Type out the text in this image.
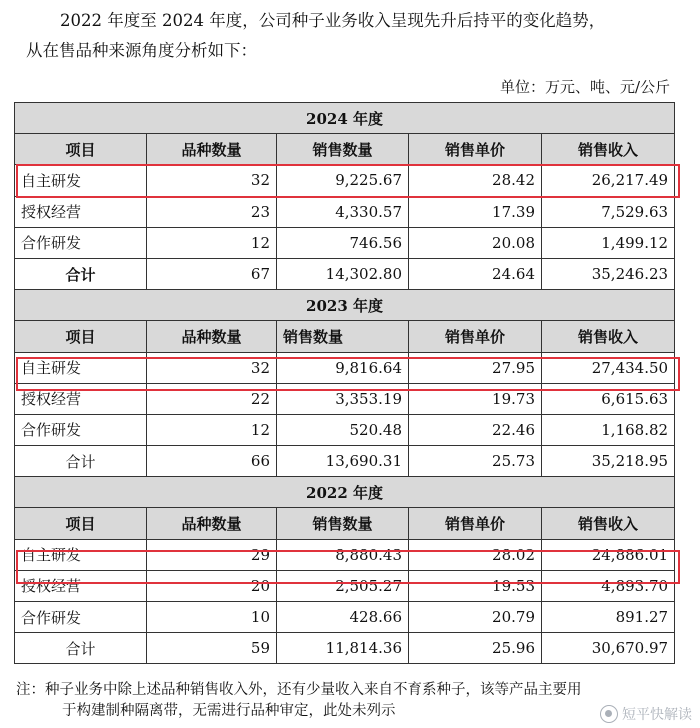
2022 年度至 2024 年度，公司种子业务收入呈现先升后持平的变化趋势，
从在售品种来源角度分析如下：
单位：万元、吨、元/公斤
2024 年度				
项目	品种数量	销售数量	销售单价	销售收入
自主研发	32	9,225.67	28.42	26,217.49
授权经营	23	4,330.57	17.39	7,529.63
合作研发	12	746.56	20.08	1,499.12
合计	67	14,302.80	24.64	35,246.23
2023 年度				
项目	品种数量	销售数量	销售单价	销售收入
自主研发	32	9,816.64	27.95	27,434.50
授权经营	22	3,353.19	19.73	6,615.63
合作研发	12	520.48	22.46	1,168.82
合计	66	13,690.31	25.73	35,218.95
2022 年度				
项目	品种数量	销售数量	销售单价	销售收入
自主研发	29	8,880.43	28.02	24,886.01
授权经营	20	2,505.27	19.53	4,893.70
合作研发	10	428.66	20.79	891.27
合计	59	11,814.36	25.96	30,670.97

注：种子业务中除上述品种销售收入外，还有少量收入来自不育系种子，该等产品主要用
于构建制种隔离带，无需进行品种审定，此处未列示	短平快解读
